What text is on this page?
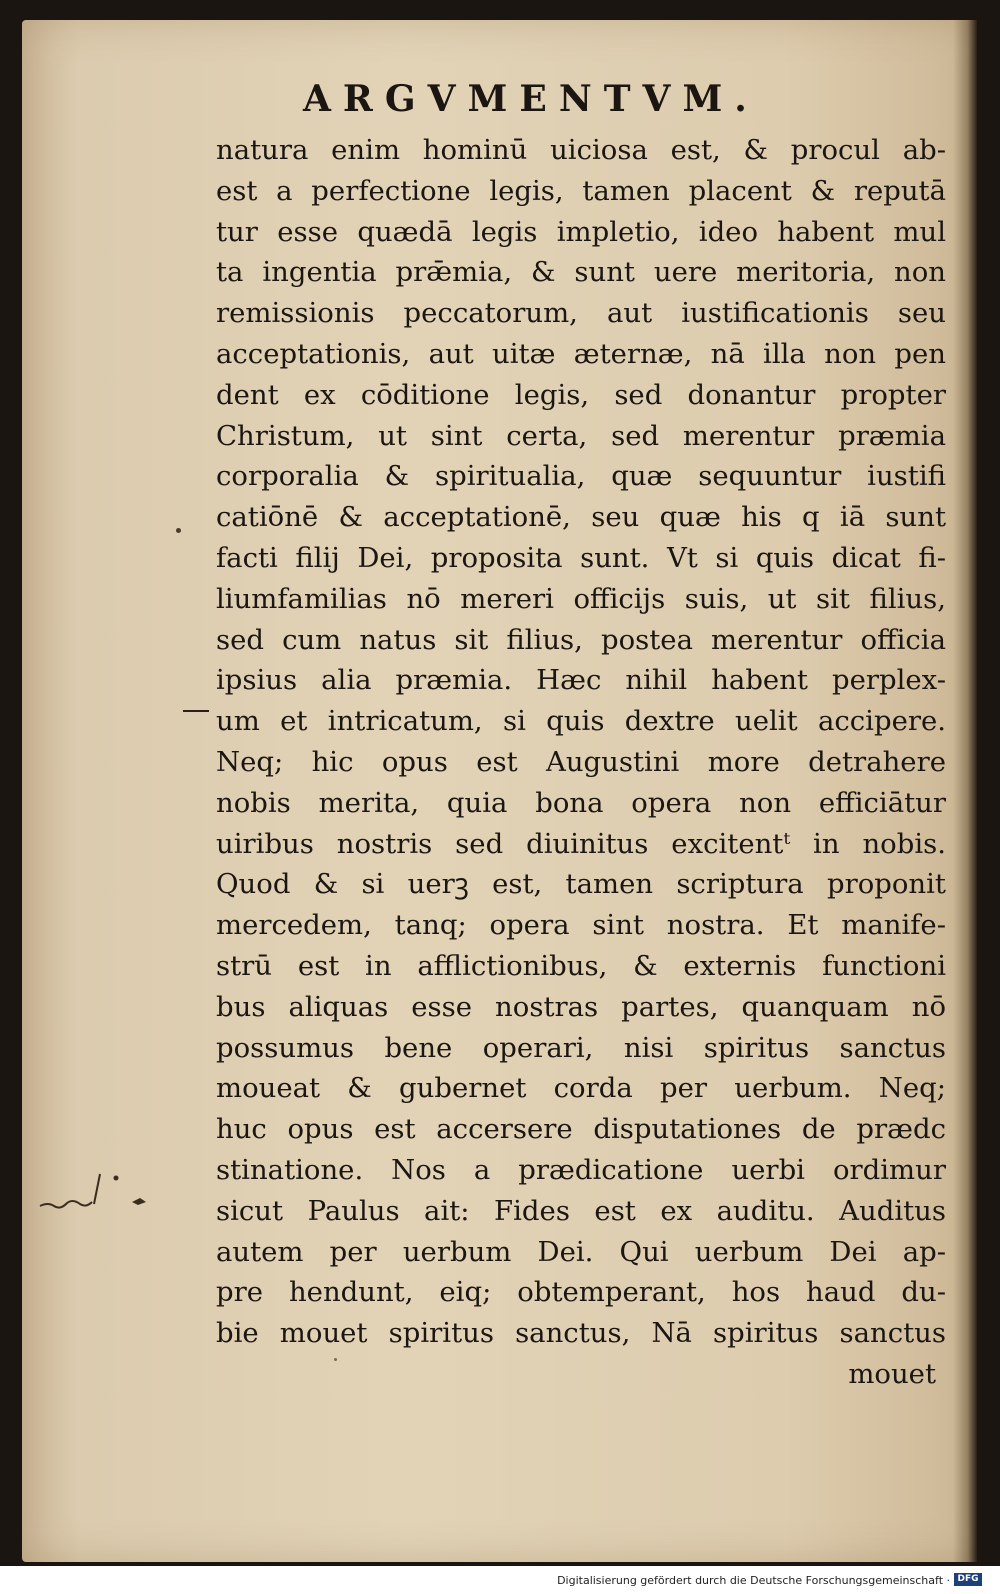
ARGVMENTVM.
natura enim hominū uiciosa est, & procul ab-
est a perfectione legis, tamen placent & reputā
tur esse quædā legis impletio, ideo habent mul
ta ingentia prǣmia, & sunt uere meritoria, non
remissionis peccatorum, aut iustificationis seu
acceptationis, aut uitæ æternæ, nā illa non pen
dent ex cōditione legis, sed donantur propter
Christum, ut sint certa, sed merentur præmia
corporalia & spiritualia, quæ sequuntur iustifi
catiōnē & acceptationē, seu quæ his q iā sunt
facti filij Dei, proposita sunt. Vt si quis dicat fi-
liumfamilias nō mereri officijs suis, ut sit filius,
sed cum natus sit filius, postea merentur officia
ipsius alia præmia. Hæc nihil habent perplex-
um et intricatum, si quis dextre uelit accipere.
Neq; hic opus est Augustini more detrahere
nobis merita, quia bona opera non efficiātur
uiribus nostris sed diuinitus excitentᵗ in nobis.
Quod & si uerꝫ est, tamen scriptura proponit
mercedem, tanq; opera sint nostra. Et manife-
strū est in afflictionibus, & externis functioni
bus aliquas esse nostras partes, quanquam nō
possumus bene operari, nisi spiritus sanctus
moueat & gubernet corda per uerbum. Neq;
huc opus est accersere disputationes de prædc
stinatione. Nos a prædicatione uerbi ordimur
sicut Paulus ait: Fides est ex auditu. Auditus
autem per uerbum Dei. Qui uerbum Dei ap-
pre hendunt, eiq; obtemperant, hos haud du-
bie mouet spiritus sanctus, Nā spiritus sanctus
mouet
Digitalisierung gefördert durch die Deutsche Forschungsgemeinschaft · DFG
